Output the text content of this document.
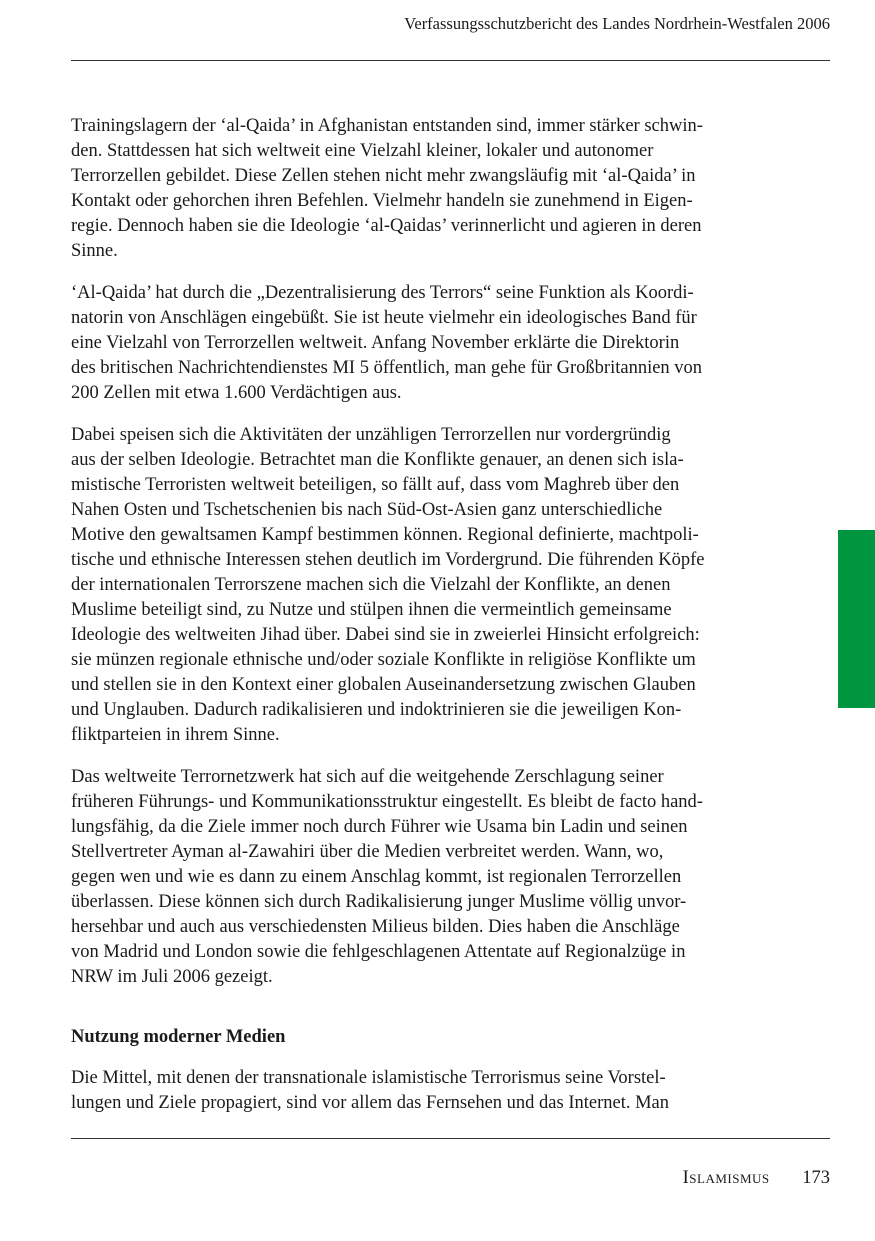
Verfassungsschutzbericht des Landes Nordrhein-Westfalen 2006

Trainingslagern der ‘al-Qaida’ in Afghanistan entstanden sind, immer stärker schwin-
den. Stattdessen hat sich weltweit eine Vielzahl kleiner, lokaler und autonomer
Terrorzellen gebildet. Diese Zellen stehen nicht mehr zwangsläufig mit ‘al-Qaida’ in
Kontakt oder gehorchen ihren Befehlen. Vielmehr handeln sie zunehmend in Eigen-
regie. Dennoch haben sie die Ideologie ‘al-Qaidas’ verinnerlicht und agieren in deren
Sinne.

‘Al-Qaida’ hat durch die „Dezentralisierung des Terrors“ seine Funktion als Koordi-
natorin von Anschlägen eingebüßt. Sie ist heute vielmehr ein ideologisches Band für
eine Vielzahl von Terrorzellen weltweit. Anfang November erklärte die Direktorin
des britischen Nachrichtendienstes MI 5 öffentlich, man gehe für Großbritannien von
200 Zellen mit etwa 1.600 Verdächtigen aus.

Dabei speisen sich die Aktivitäten der unzähligen Terrorzellen nur vordergründig
aus der selben Ideologie. Betrachtet man die Konflikte genauer, an denen sich isla-
mistische Terroristen weltweit beteiligen, so fällt auf, dass vom Maghreb über den
Nahen Osten und Tschetschenien bis nach Süd-Ost-Asien ganz unterschiedliche
Motive den gewaltsamen Kampf bestimmen können. Regional definierte, machtpoli-
tische und ethnische Interessen stehen deutlich im Vordergrund. Die führenden Köpfe
der internationalen Terrorszene machen sich die Vielzahl der Konflikte, an denen
Muslime beteiligt sind, zu Nutze und stülpen ihnen die vermeintlich gemeinsame
Ideologie des weltweiten Jihad über. Dabei sind sie in zweierlei Hinsicht erfolgreich:
sie münzen regionale ethnische und/oder soziale Konflikte in religiöse Konflikte um
und stellen sie in den Kontext einer globalen Auseinandersetzung zwischen Glauben
und Unglauben. Dadurch radikalisieren und indoktrinieren sie die jeweiligen Kon-
fliktparteien in ihrem Sinne.

Das weltweite Terrornetzwerk hat sich auf die weitgehende Zerschlagung seiner
früheren Führungs- und Kommunikationsstruktur eingestellt. Es bleibt de facto hand-
lungsfähig, da die Ziele immer noch durch Führer wie Usama bin Ladin und seinen
Stellvertreter Ayman al-Zawahiri über die Medien verbreitet werden. Wann, wo,
gegen wen und wie es dann zu einem Anschlag kommt, ist regionalen Terrorzellen
überlassen. Diese können sich durch Radikalisierung junger Muslime völlig unvor-
hersehbar und auch aus verschiedensten Milieus bilden. Dies haben die Anschläge
von Madrid und London sowie die fehlgeschlagenen Attentate auf Regionalzüge in
NRW im Juli 2006 gezeigt.

Nutzung moderner Medien

Die Mittel, mit denen der transnationale islamistische Terrorismus seine Vorstel-
lungen und Ziele propagiert, sind vor allem das Fernsehen und das Internet. Man

Islamismus 173
